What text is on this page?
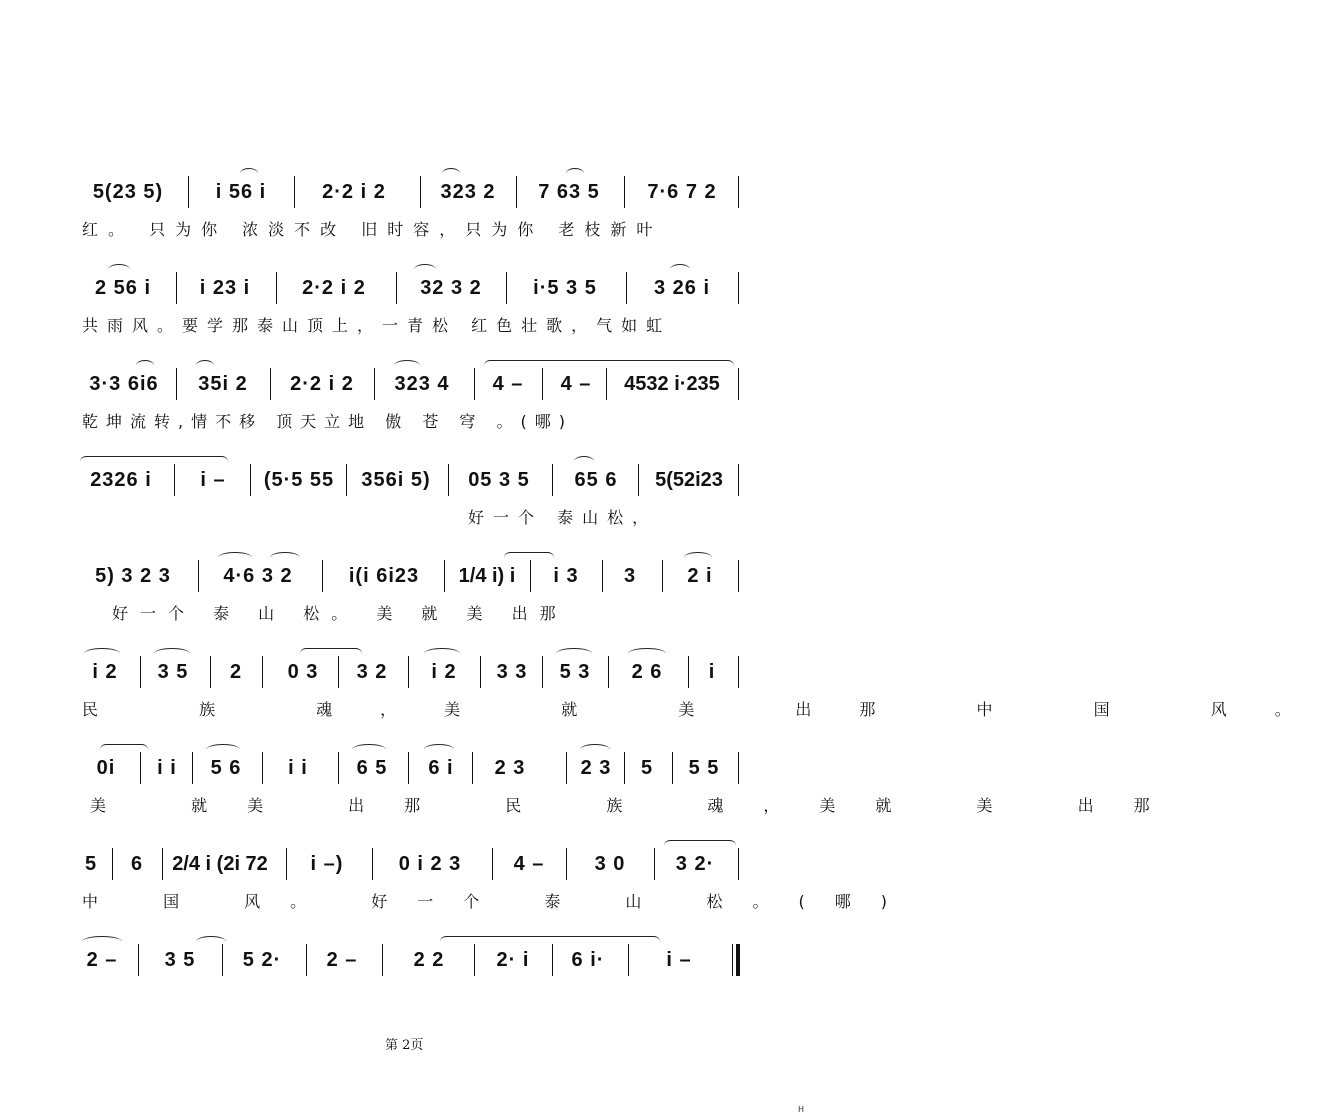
5(23 5)	i 56 i	2·2 i 2	323 2	7 63 5	7·6 7 2
红。 只为你 浓淡不改 旧时容，只为你 老枝新叶
2 56 i	i 23 i	2·2 i 2	32 3 2	i·5 3 5	3 26 i
共雨风。要学那泰山顶上，一青松 红色壮歌，气如虹
3·3 6i6	35i 2	2·2 i 2	323 4	4 –	4 –	4532 i·235
乾坤流转,情不移 顶天立地 傲 苍 穹 。(哪)
2326 i	i –	(5·5 55	356i 5)	05 3 5	65 6	5(52i23
好一个 泰山松，
5) 3 2 3	4·6 3 2	i(i 6i23	1/4 i) i	i 3	3	2 i
好一个 泰 山 松。 美 就 美 出那
i 2	3 5	2	0 3	3 2	i 2	3 3	5 3	2 6	i
民 族 魂，美 就 美 出那 中 国 风。
0i	i i	5 6	i i	6 5	6 i	2 3	2 3	5	5 5
美 就美 出那 民 族 魂，美就 美 出那
5	6	2/4 i (2i 72	i –)	0 i 2 3	4 –	3 0	3 2·
中 国 风。 好一个 泰 山 松。(哪)
2 –	3 5	5 2·	2 –	2 2	2· i	6 i·	i –
第 2页
H
